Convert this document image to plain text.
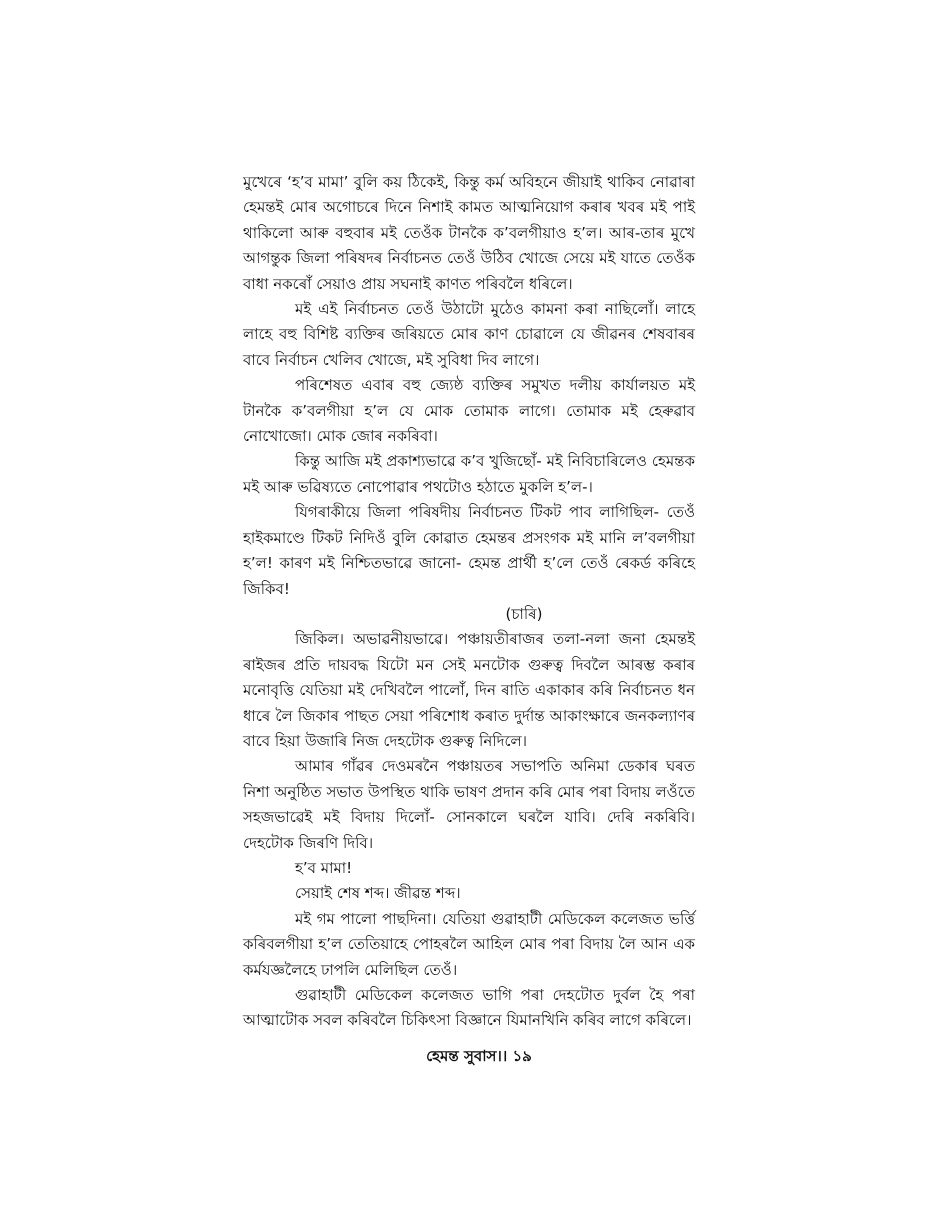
মুখেৰে ‘হ’ব মামা’ বুলি কয় ঠিকেই, কিন্তু কৰ্ম অবিহনে জীয়াই থাকিব নোৱাৰা হেমন্তই মোৰ অগোচৰে দিনে নিশাই কামত আত্মনিয়োগ কৰাৰ খবৰ মই পাই থাকিলো আৰু বহুবাৰ মই তেওঁক টানকৈ ক’বলগীয়াও হ’ল। আৰ-তাৰ মুখে আগন্তুক জিলা পৰিষদৰ নিৰ্বাচনত তেওঁ উঠিব খোজে সেয়ে মই যাতে তেওঁক বাধা নকৰোঁ সেয়াও প্ৰায় সঘনাই কাণত পৰিবলৈ ধৰিলে।

মই এই নিৰ্বাচনত তেওঁ উঠাটো মুঠেও কামনা কৰা নাছিলোঁ। লাহে লাহে বহু বিশিষ্ট ব্যক্তিৰ জৰিয়তে মোৰ কাণ চোৱালে যে জীৱনৰ শেষবাৰৰ বাবে নিৰ্বাচন খেলিব খোজে, মই সুবিধা দিব লাগে।

পৰিশেষত এবাৰ বহু জ্যেষ্ঠ ব্যক্তিৰ সমুখত দলীয় কাৰ্যালয়ত মই টানকৈ ক’বলগীয়া হ’ল যে মোক তোমাক লাগে। তোমাক মই হেৰুৱাব নোখোজো। মোক জোৰ নকৰিবা।

কিন্তু আজি মই প্ৰকাশ্যভাৱে ক’ব খুজিছোঁ- মই নিবিচাৰিলেও হেমন্তক মই আৰু ভৱিষ্যতে নোপোৱাৰ পথটোও হঠাতে মুকলি হ’ল-।

যিগৰাকীয়ে জিলা পৰিষদীয় নিৰ্বাচনত টিকট পাব লাগিছিল- তেওঁ হাইকমাণ্ডে টিকট নিদিওঁ বুলি কোৱাত হেমন্তৰ প্ৰসংগক মই মানি ল’বলগীয়া হ’ল! কাৰণ মই নিশ্চিতভাৱে জানো- হেমন্ত প্ৰাৰ্থী হ’লে তেওঁ ৰেকৰ্ড কৰিহে জিকিব!

(চাৰি)

জিকিল। অভাৱনীয়ভাৱে। পঞ্চায়তীৰাজৰ তলা-নলা জনা হেমন্তই ৰাইজৰ প্ৰতি দায়বদ্ধ যিটো মন সেই মনটোক গুৰুত্ব দিবলৈ আৰম্ভ কৰাৰ মনোবৃত্তি যেতিয়া মই দেখিবলৈ পালোঁ, দিন ৰাতি একাকাৰ কৰি নিৰ্বাচনত ধন ধাৰে লৈ জিকাৰ পাছত সেয়া পৰিশোধ কৰাত দুৰ্দান্ত আকাংক্ষাৰে জনকল্যাণৰ বাবে হিয়া উজাৰি নিজ দেহটোক গুৰুত্ব নিদিলে।

আমাৰ গাঁৱৰ দেওমৰনৈ পঞ্চায়তৰ সভাপতি অনিমা ডেকাৰ ঘৰত নিশা অনুষ্ঠিত সভাত উপস্থিত থাকি ভাষণ প্ৰদান কৰি মোৰ পৰা বিদায় লওঁতে সহজভাৱেই মই বিদায় দিলোঁ- সোনকালে ঘৰলৈ যাবি। দেৰি নকৰিবি। দেহটোক জিৰণি দিবি।

হ’ব মামা!

সেয়াই শেষ শব্দ। জীৱন্ত শব্দ।

মই গম পালো পাছদিনা। যেতিয়া গুৱাহাটী মেডিকেল কলেজত ভৰ্ত্তি কৰিবলগীয়া হ’ল তেতিয়াহে পোহৰলৈ আহিল মোৰ পৰা বিদায় লৈ আন এক কৰ্মযজ্ঞলৈহে ঢাপলি মেলিছিল তেওঁ।

গুৱাহাটী মেডিকেল কলেজত ভাগি পৰা দেহটোত দুৰ্বল হৈ পৰা আত্মাটোক সবল কৰিবলৈ চিকিৎসা বিজ্ঞানে যিমানখিনি কৰিব লাগে কৰিলে।

হেমন্ত সুবাস।। ১৯
